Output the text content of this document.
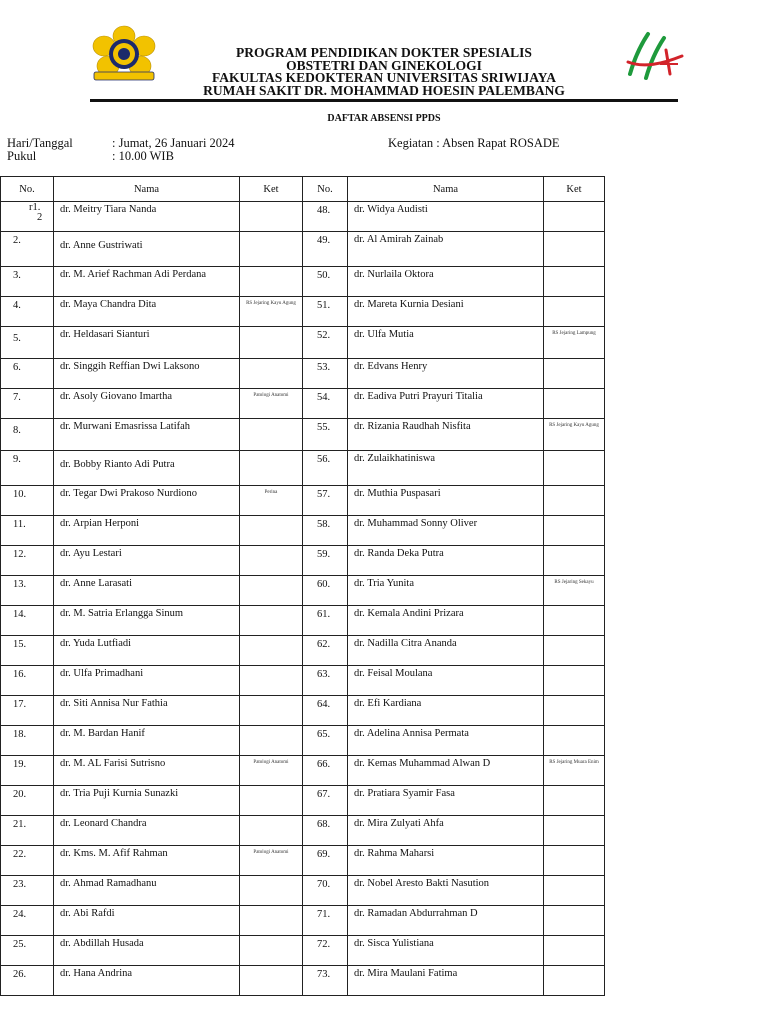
PROGRAM PENDIDIKAN DOKTER SPESIALIS
OBSTETRI DAN GINEKOLOGI
FAKULTAS KEDOKTERAN UNIVERSITAS SRIWIJAYA
RUMAH SAKIT DR. MOHAMMAD HOESIN PALEMBANG
DAFTAR ABSENSI PPDS
Hari/Tanggal	: Jumat, 26 Januari 2024
Pukul	: 10.00 WIB
Kegiatan : Absen Rapat ROSADE
No.	Nama	Ket	No.	Nama	Ket

r1.
2	dr. Meitry Tiara Nanda		48.	dr. Widya Audisti	
2.	dr. Anne Gustriwati		49.	dr. Al Amirah Zainab	
3.	dr. M. Arief Rachman Adi Perdana		50.	dr. Nurlaila Oktora	
4.	dr. Maya Chandra Dita	RS Jejaring Kayu Agung	51.	dr. Mareta Kurnia Desiani	
5.	dr. Heldasari Sianturi		52.	dr. Ulfa Mutia	RS Jejaring Lampung
6.	dr. Singgih Reffian Dwi Laksono		53.	dr. Edvans Henry	
7.	dr. Asoly Giovano Imartha	Patologi Anatomi	54.	dr. Eadiva Putri Prayuri Titalia	
8.	dr. Murwani Emasrissa Latifah		55.	dr. Rizania Raudhah Nisfita	RS Jejaring Kayu Agung
9.	dr. Bobby Rianto Adi Putra		56.	dr. Zulaikhatiniswa	
10.	dr. Tegar Dwi Prakoso Nurdiono	Perina	57.	dr. Muthia Puspasari	
11.	dr. Arpian Herponi		58.	dr. Muhammad Sonny Oliver	
12.	dr. Ayu Lestari		59.	dr. Randa Deka Putra	
13.	dr. Anne Larasati		60.	dr. Tria Yunita	RS Jejaring Sekayu
14.	dr. M. Satria Erlangga Sinum		61.	dr. Kemala Andini Prizara	
15.	dr. Yuda Lutfiadi		62.	dr. Nadilla Citra Ananda	
16.	dr. Ulfa Primadhani		63.	dr. Feisal Moulana	
17.	dr. Siti Annisa Nur Fathia		64.	dr. Efi Kardiana	
18.	dr. M. Bardan Hanif		65.	dr. Adelina Annisa Permata	
19.	dr. M. AL Farisi Sutrisno	Patologi Anatomi	66.	dr. Kemas Muhammad Alwan D	RS Jejaring Muara Enim
20.	dr. Tria Puji Kurnia Sunazki		67.	dr. Pratiara Syamir Fasa	
21.	dr. Leonard Chandra		68.	dr. Mira Zulyati Ahfa	
22.	dr. Kms. M. Afif Rahman	Patologi Anatomi	69.	dr. Rahma Maharsi	
23.	dr. Ahmad Ramadhanu		70.	dr. Nobel Aresto Bakti Nasution	
24.	dr. Abi Rafdi		71.	dr. Ramadan Abdurrahman D	
25.	dr. Abdillah Husada		72.	dr. Sisca Yulistiana	
26.	dr. Hana Andrina		73.	dr. Mira Maulani Fatima	
